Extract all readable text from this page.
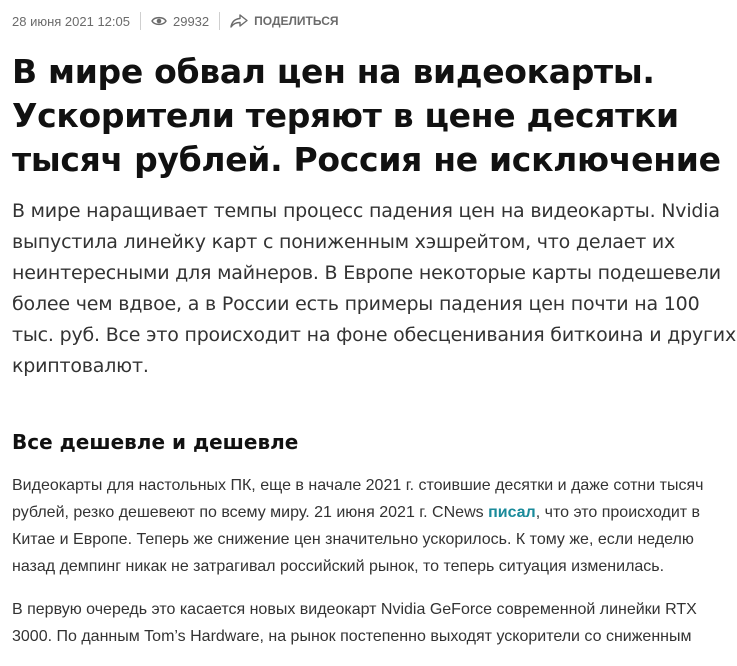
28 июня 2021 12:05	29932	ПОДЕЛИТЬСЯ
В мире обвал цен на видеокарты. Ускорители теряют в цене десятки тысяч рублей. Россия не исключение

В мире наращивает темпы процесс падения цен на видеокарты. Nvidia выпустила линейку карт с пониженным хэшрейтом, что делает их неинтересными для майнеров. В Европе некоторые карты подешевели более чем вдвое, а в России есть примеры падения цен почти на 100 тыс. руб. Все это происходит на фоне обесценивания биткоина и других криптовалют.

Все дешевле и дешевле

Видеокарты для настольных ПК, еще в начале 2021 г. стоившие десятки и даже сотни тысяч рублей, резко дешевеют по всему миру. 21 июня 2021 г. CNews писал, что это происходит в Китае и Европе. Теперь же снижение цен значительно ускорилось. К тому же, если неделю назад демпинг никак не затрагивал российский рынок, то теперь ситуация изменилась.

В первую очередь это касается новых видеокарт Nvidia GeForce современной линейки RTX 3000. По данным Tom’s Hardware, на рынок постепенно выходят ускорители со сниженным
